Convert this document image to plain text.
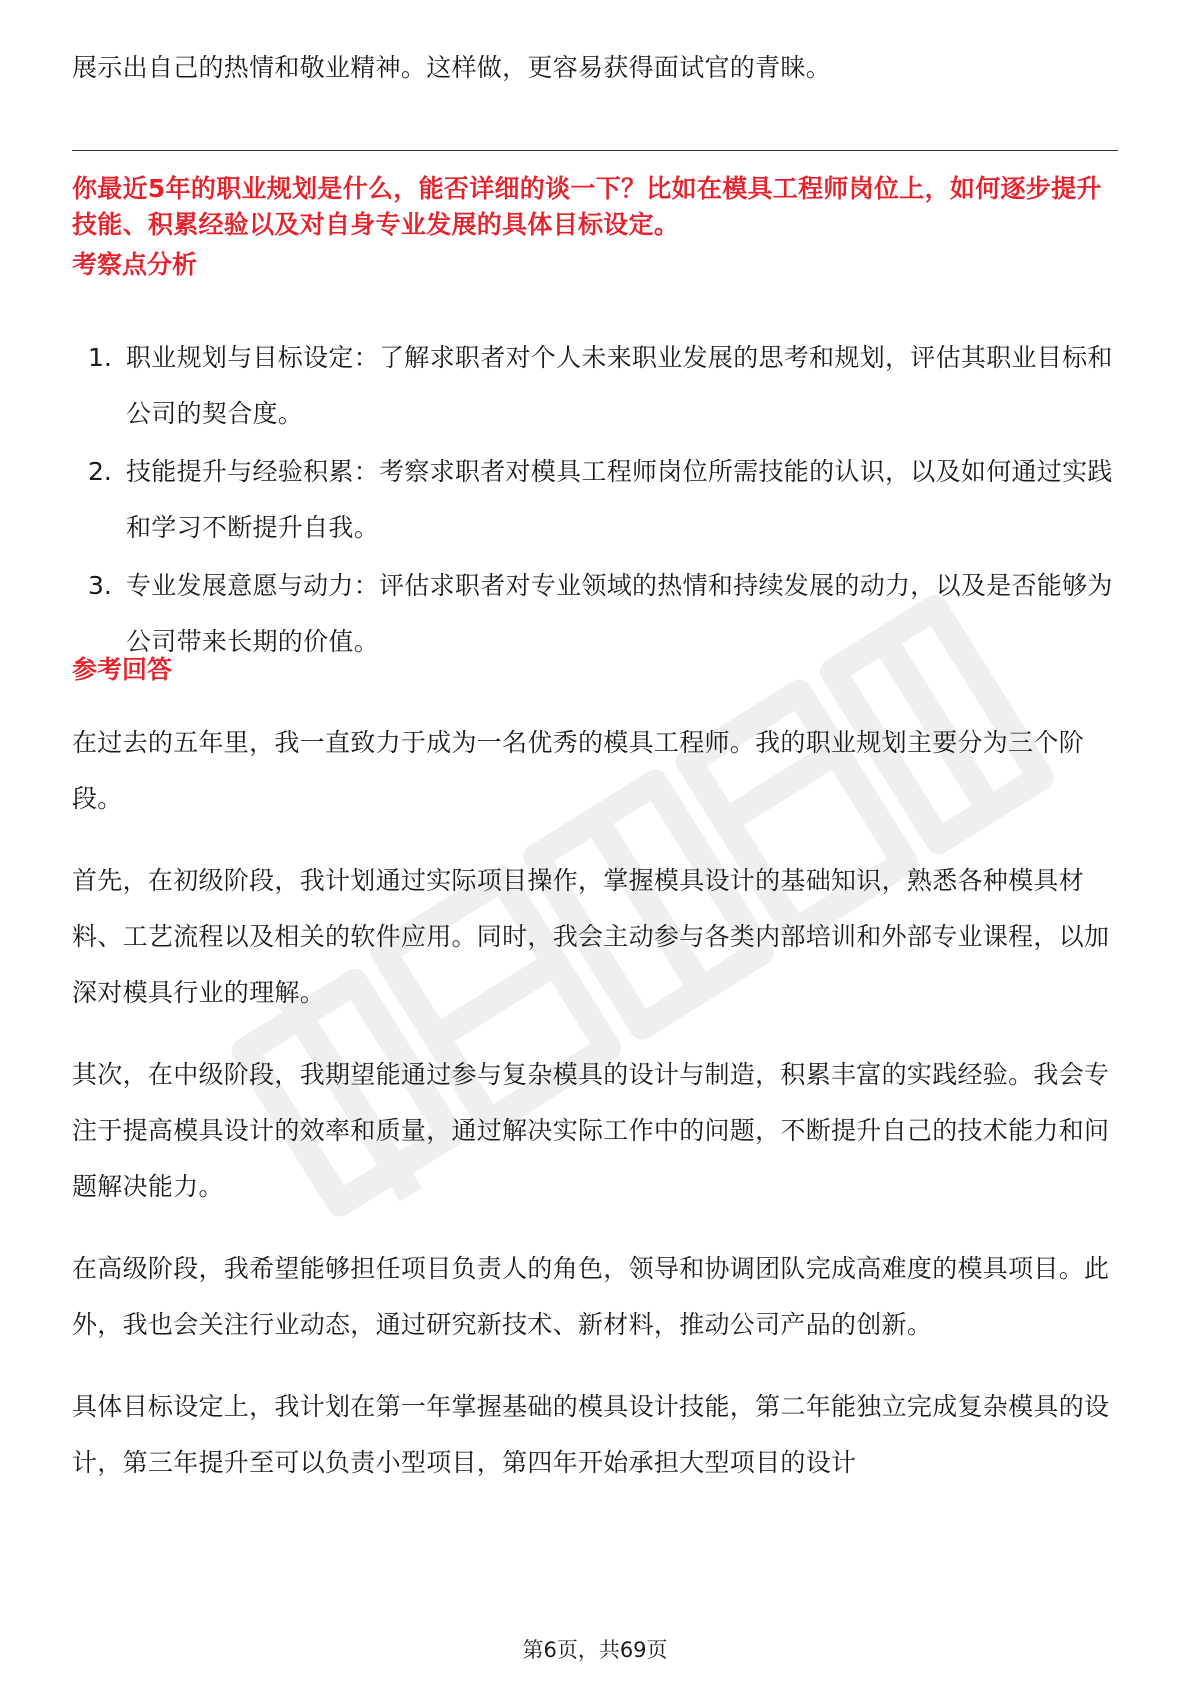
展示出自己的热情和敬业精神。这样做，更容易获得面试官的青睐。

你最近5年的职业规划是什么，能否详细的谈一下？比如在模具工程师岗位上，如何逐步提升技能、积累经验以及对自身专业发展的具体目标设定。

考察点分析

1. 职业规划与目标设定：了解求职者对个人未来职业发展的思考和规划，评估其职业目标和公司的契合度。

2. 技能提升与经验积累：考察求职者对模具工程师岗位所需技能的认识，以及如何通过实践和学习不断提升自我。

3. 专业发展意愿与动力：评估求职者对专业领域的热情和持续发展的动力，以及是否能够为公司带来长期的价值。

参考回答

在过去的五年里，我一直致力于成为一名优秀的模具工程师。我的职业规划主要分为三个阶段。

首先，在初级阶段，我计划通过实际项目操作，掌握模具设计的基础知识，熟悉各种模具材料、工艺流程以及相关的软件应用。同时，我会主动参与各类内部培训和外部专业课程，以加深对模具行业的理解。

其次，在中级阶段，我期望能通过参与复杂模具的设计与制造，积累丰富的实践经验。我会专注于提高模具设计的效率和质量，通过解决实际工作中的问题，不断提升自己的技术能力和问题解决能力。

在高级阶段，我希望能够担任项目负责人的角色，领导和协调团队完成高难度的模具项目。此外，我也会关注行业动态，通过研究新技术、新材料，推动公司产品的创新。

具体目标设定上，我计划在第一年掌握基础的模具设计技能，第二年能独立完成复杂模具的设计，第三年提升至可以负责小型项目，第四年开始承担大型项目的设计

第6页，共69页
